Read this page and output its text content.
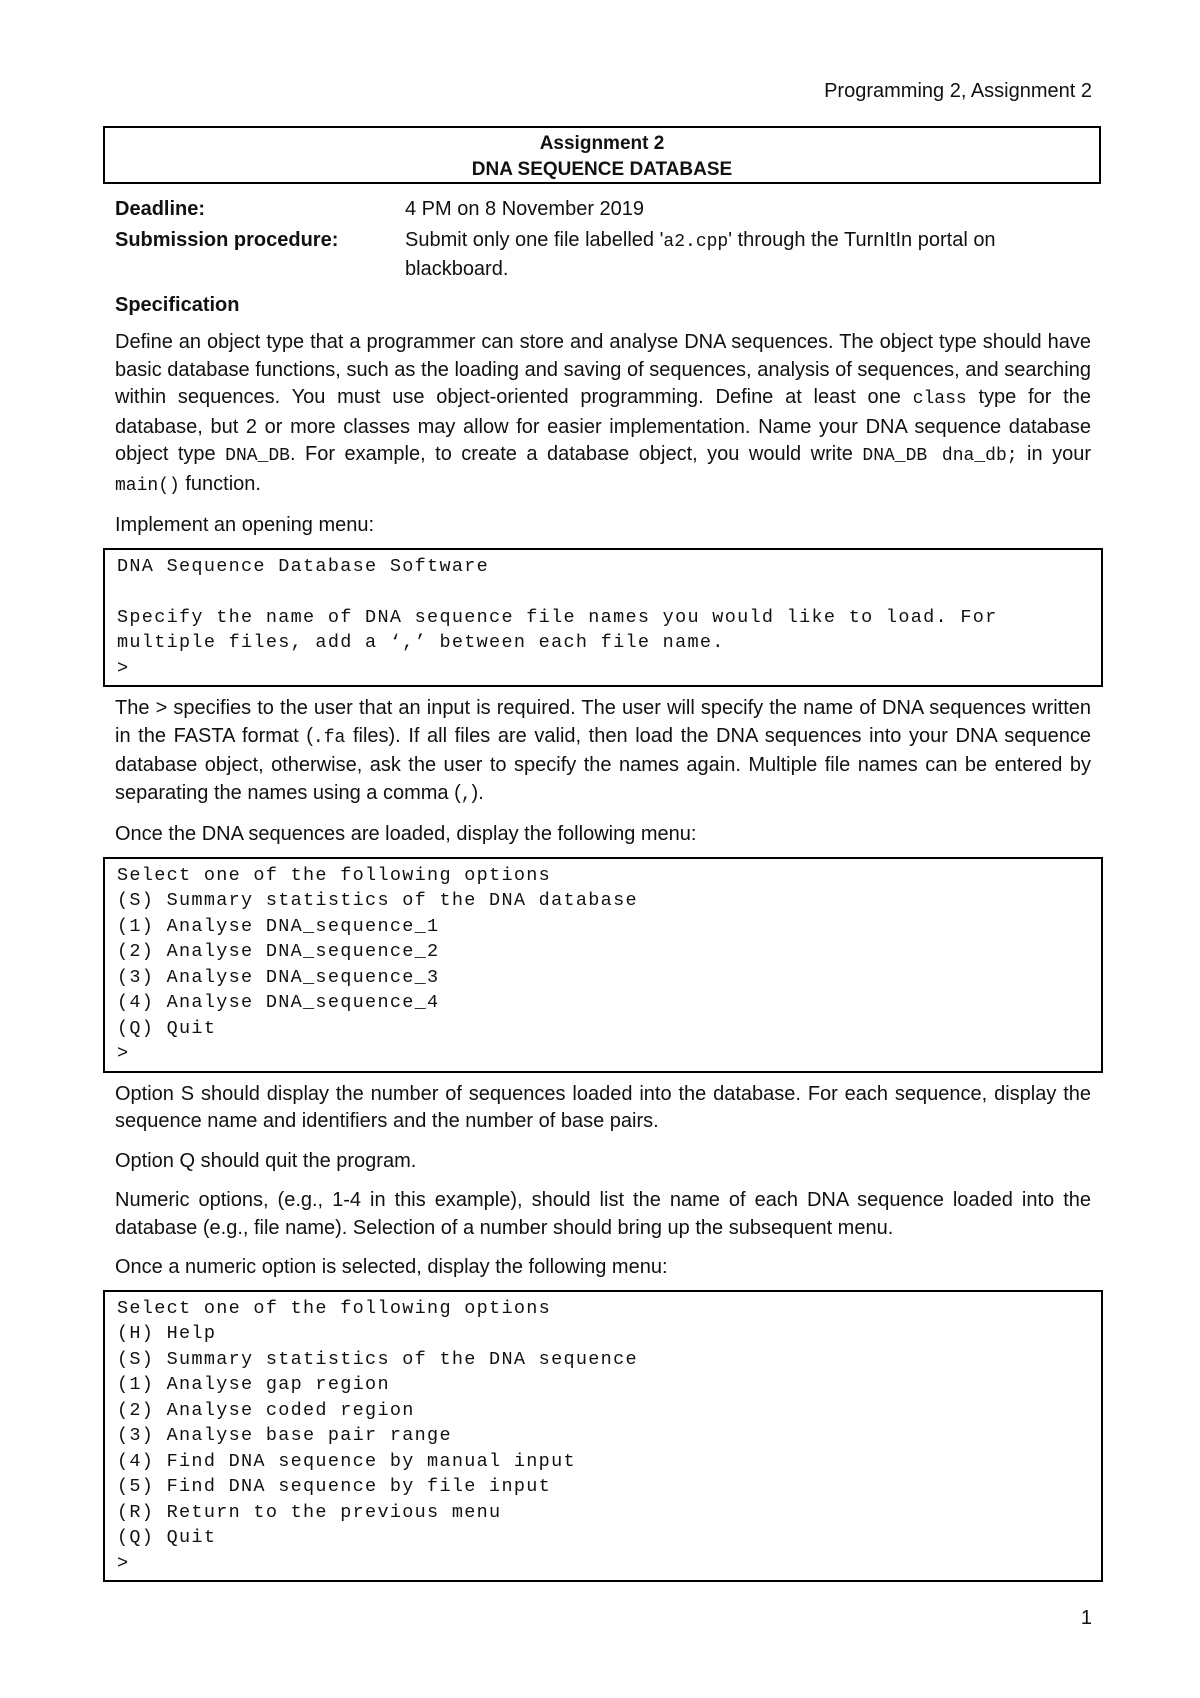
Programming 2, Assignment 2
Assignment 2
DNA SEQUENCE DATABASE
Deadline:	4 PM on 8 November 2019
Submission procedure:	Submit only one file labelled 'a2.cpp' through the TurnItIn portal on blackboard.
Specification

Define an object type that a programmer can store and analyse DNA sequences. The object type should have basic database functions, such as the loading and saving of sequences, analysis of sequences, and searching within sequences. You must use object-oriented programming. Define at least one class type for the database, but 2 or more classes may allow for easier implementation. Name your DNA sequence database object type DNA_DB. For example, to create a database object, you would write DNA_DB dna_db; in your main() function.

Implement an opening menu:

DNA Sequence Database Software
Specify the name of DNA sequence file names you would like to load. For
multiple files, add a ‘,’ between each file name.
>

The > specifies to the user that an input is required. The user will specify the name of DNA sequences written in the FASTA format (.fa files). If all files are valid, then load the DNA sequences into your DNA sequence database object, otherwise, ask the user to specify the names again. Multiple file names can be entered by separating the names using a comma (,).

Once the DNA sequences are loaded, display the following menu:

Select one of the following options
(S) Summary statistics of the DNA database
(1) Analyse DNA_sequence_1
(2) Analyse DNA_sequence_2
(3) Analyse DNA_sequence_3
(4) Analyse DNA_sequence_4
(Q) Quit
>

Option S should display the number of sequences loaded into the database. For each sequence, display the sequence name and identifiers and the number of base pairs.

Option Q should quit the program.

Numeric options, (e.g., 1-4 in this example), should list the name of each DNA sequence loaded into the database (e.g., file name). Selection of a number should bring up the subsequent menu.

Once a numeric option is selected, display the following menu:

Select one of the following options
(H) Help
(S) Summary statistics of the DNA sequence
(1) Analyse gap region
(2) Analyse coded region
(3) Analyse base pair range
(4) Find DNA sequence by manual input
(5) Find DNA sequence by file input
(R) Return to the previous menu
(Q) Quit
>
1
